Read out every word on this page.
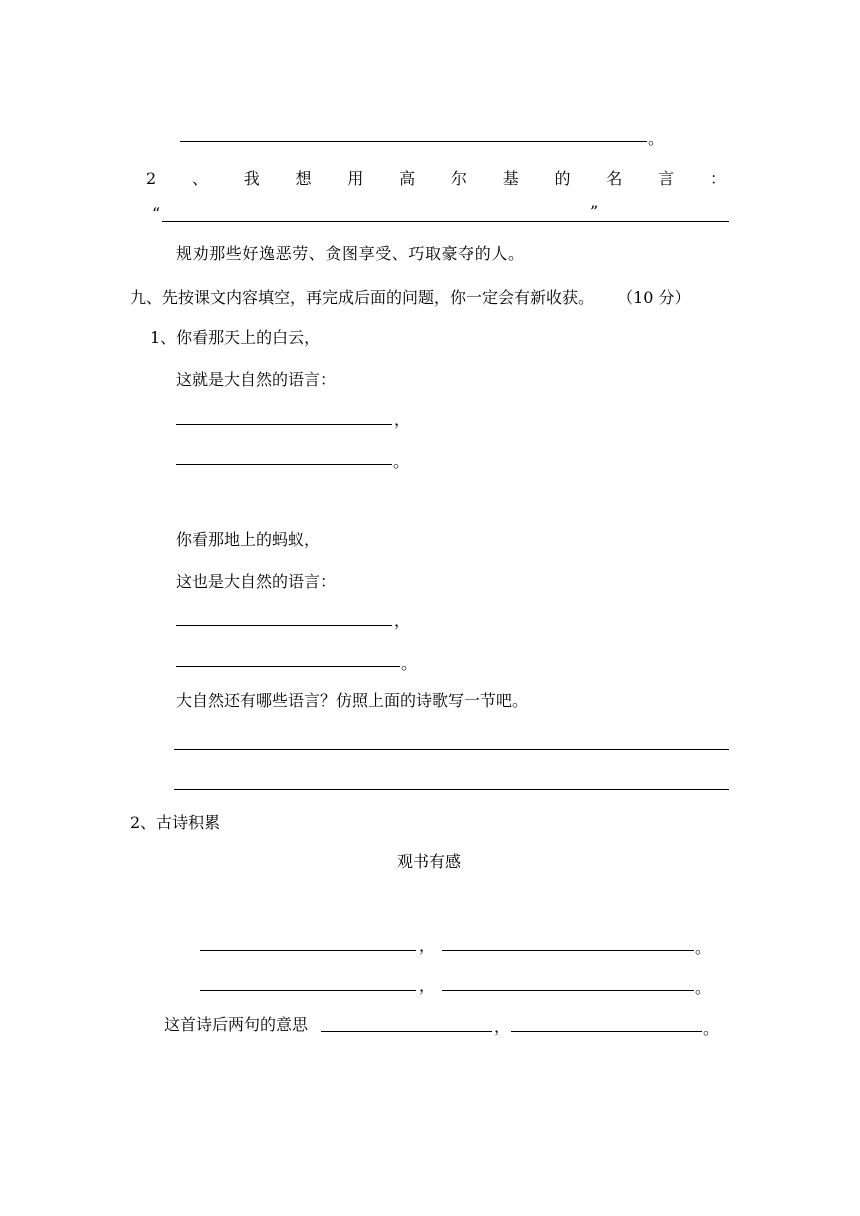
。
2 、 我 想 用 高 尔 基 的 名 言 ：
“	”
规劝那些好逸恶劳、贪图享受、巧取豪夺的人。
九、先按课文内容填空，再完成后面的问题，你一定会有新收获。 （10 分）
1、你看那天上的白云，
这就是大自然的语言：
，
。
你看那地上的蚂蚁，
这也是大自然的语言：
，
。
大自然还有哪些语言？仿照上面的诗歌写一节吧。
2、古诗积累
观书有感
，	。
，	。
这首诗后两句的意思	，	。
